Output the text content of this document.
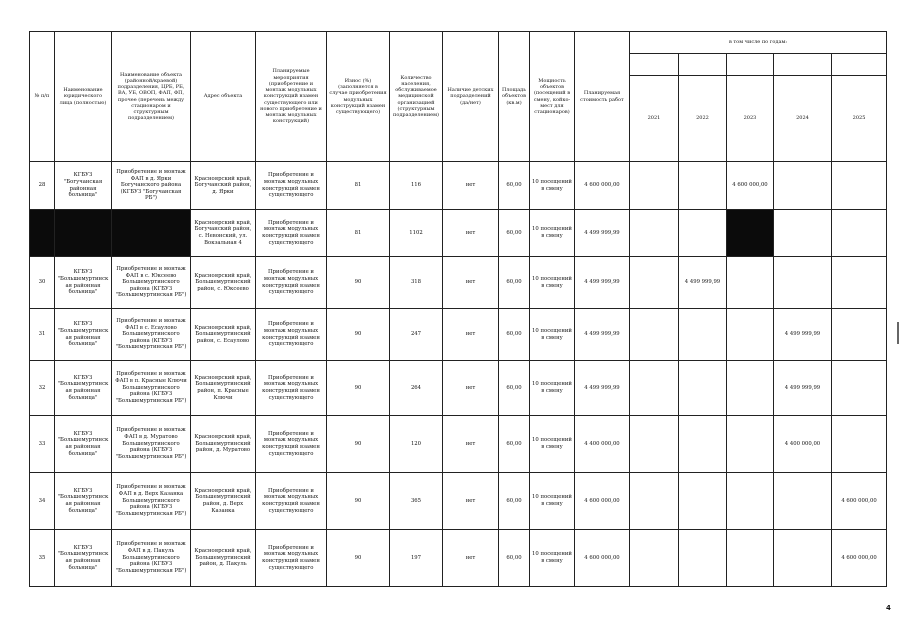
№ п/п	Наименование юридического лица (полностью)	Наименование объекта (районной/краевой) подразделения, ЦРБ, РБ, ВА, УБ, ОВОП, ФАП, ФП, прочее (перечень между стационаром и структурным подразделением)	Адрес объекта	Планируемые мероприятия (приобретение и монтаж модульных конструкций взамен существующего или нового приобретение и монтаж модульных конструкций)	Износ (%) (заполняется в случае приобретения модульных конструкций взамен существующего)	Количество населения, обслуживаемое медицинской организацией (структурным подразделением)	Наличие детских подразделений (да/нет)	Площадь объектов (кв.м)	Мощность объектов (посещений в смену, койко-мест для стационаров)	Планируемая стоимость работ	в том числе по годам:				

											2021	2022	2023	2024	2025
28	КГБУЗ "Богучанская районная больница"	Приобретение и монтаж ФАП в д. Ярки Богучанского района (КГБУЗ "Богучанская РБ")	Красноярский край, Богучанский район, д. Ярки	Приобретение и монтаж модульных конструкций взамен существующего	81	116	нет	60,00	10 посещений в смену	4 600 000,00			4 600 000,00		
			Красноярский край, Богучанский район, с. Невонский, ул. Вокзальная 4	Приобретение и монтаж модульных конструкций взамен существующего	81	1102	нет	60,00	10 посещений в смену	4 499 999,99					
30	КГБУЗ "Большемуртинская районная больница"	Приобретение и монтаж ФАП в с. Юксеево Большемуртинского района (КГБУЗ "Большемуртинская РБ")	Красноярский край, Большемуртинский район, с. Юксеево	Приобретение и монтаж модульных конструкций взамен существующего	90	318	нет	60,00	10 посещений в смену	4 499 999,99		4 499 999,99			
31	КГБУЗ "Большемуртинская районная больница"	Приобретение и монтаж ФАП в с. Есаулово Большемуртинского района (КГБУЗ "Большемуртинская РБ")	Красноярский край, Большемуртинский район, с. Есаулово	Приобретение и монтаж модульных конструкций взамен существующего	90	247	нет	60,00	10 посещений в смену	4 499 999,99				4 499 999,99	
32	КГБУЗ "Большемуртинская районная больница"	Приобретение и монтаж ФАП в п. Красные Ключи Большемуртинского района (КГБУЗ "Большемуртинская РБ")	Красноярский край, Большемуртинский район, п. Красные Ключи	Приобретение и монтаж модульных конструкций взамен существующего	90	264	нет	60,00	10 посещений в смену	4 499 999,99				4 499 999,99	
33	КГБУЗ "Большемуртинская районная больница"	Приобретение и монтаж ФАП в д. Муратово Большемуртинского района (КГБУЗ "Большемуртинская РБ")	Красноярский край, Большемуртинский район, д. Муратово	Приобретение и монтаж модульных конструкций взамен существующего	90	120	нет	60,00	10 посещений в смену	4 400 000,00				4 400 000,00	
34	КГБУЗ "Большемуртинская районная больница"	Приобретение и монтаж ФАП в д. Верх Казанка Большемуртинского района (КГБУЗ "Большемуртинская РБ")	Красноярский край, Большемуртинский район, д. Верх Казанка	Приобретение и монтаж модульных конструкций взамен существующего	90	365	нет	60,00	10 посещений в смену	4 600 000,00					4 600 000,00
35	КГБУЗ "Большемуртинская районная больница"	Приобретение и монтаж ФАП в д. Пакуль Большемуртинского района (КГБУЗ "Большемуртинская РБ")	Красноярский край, Большемуртинский район, д. Пакуль	Приобретение и монтаж модульных конструкций взамен существующего	90	197	нет	60,00	10 посещений в смену	4 600 000,00					4 600 000,00
4
